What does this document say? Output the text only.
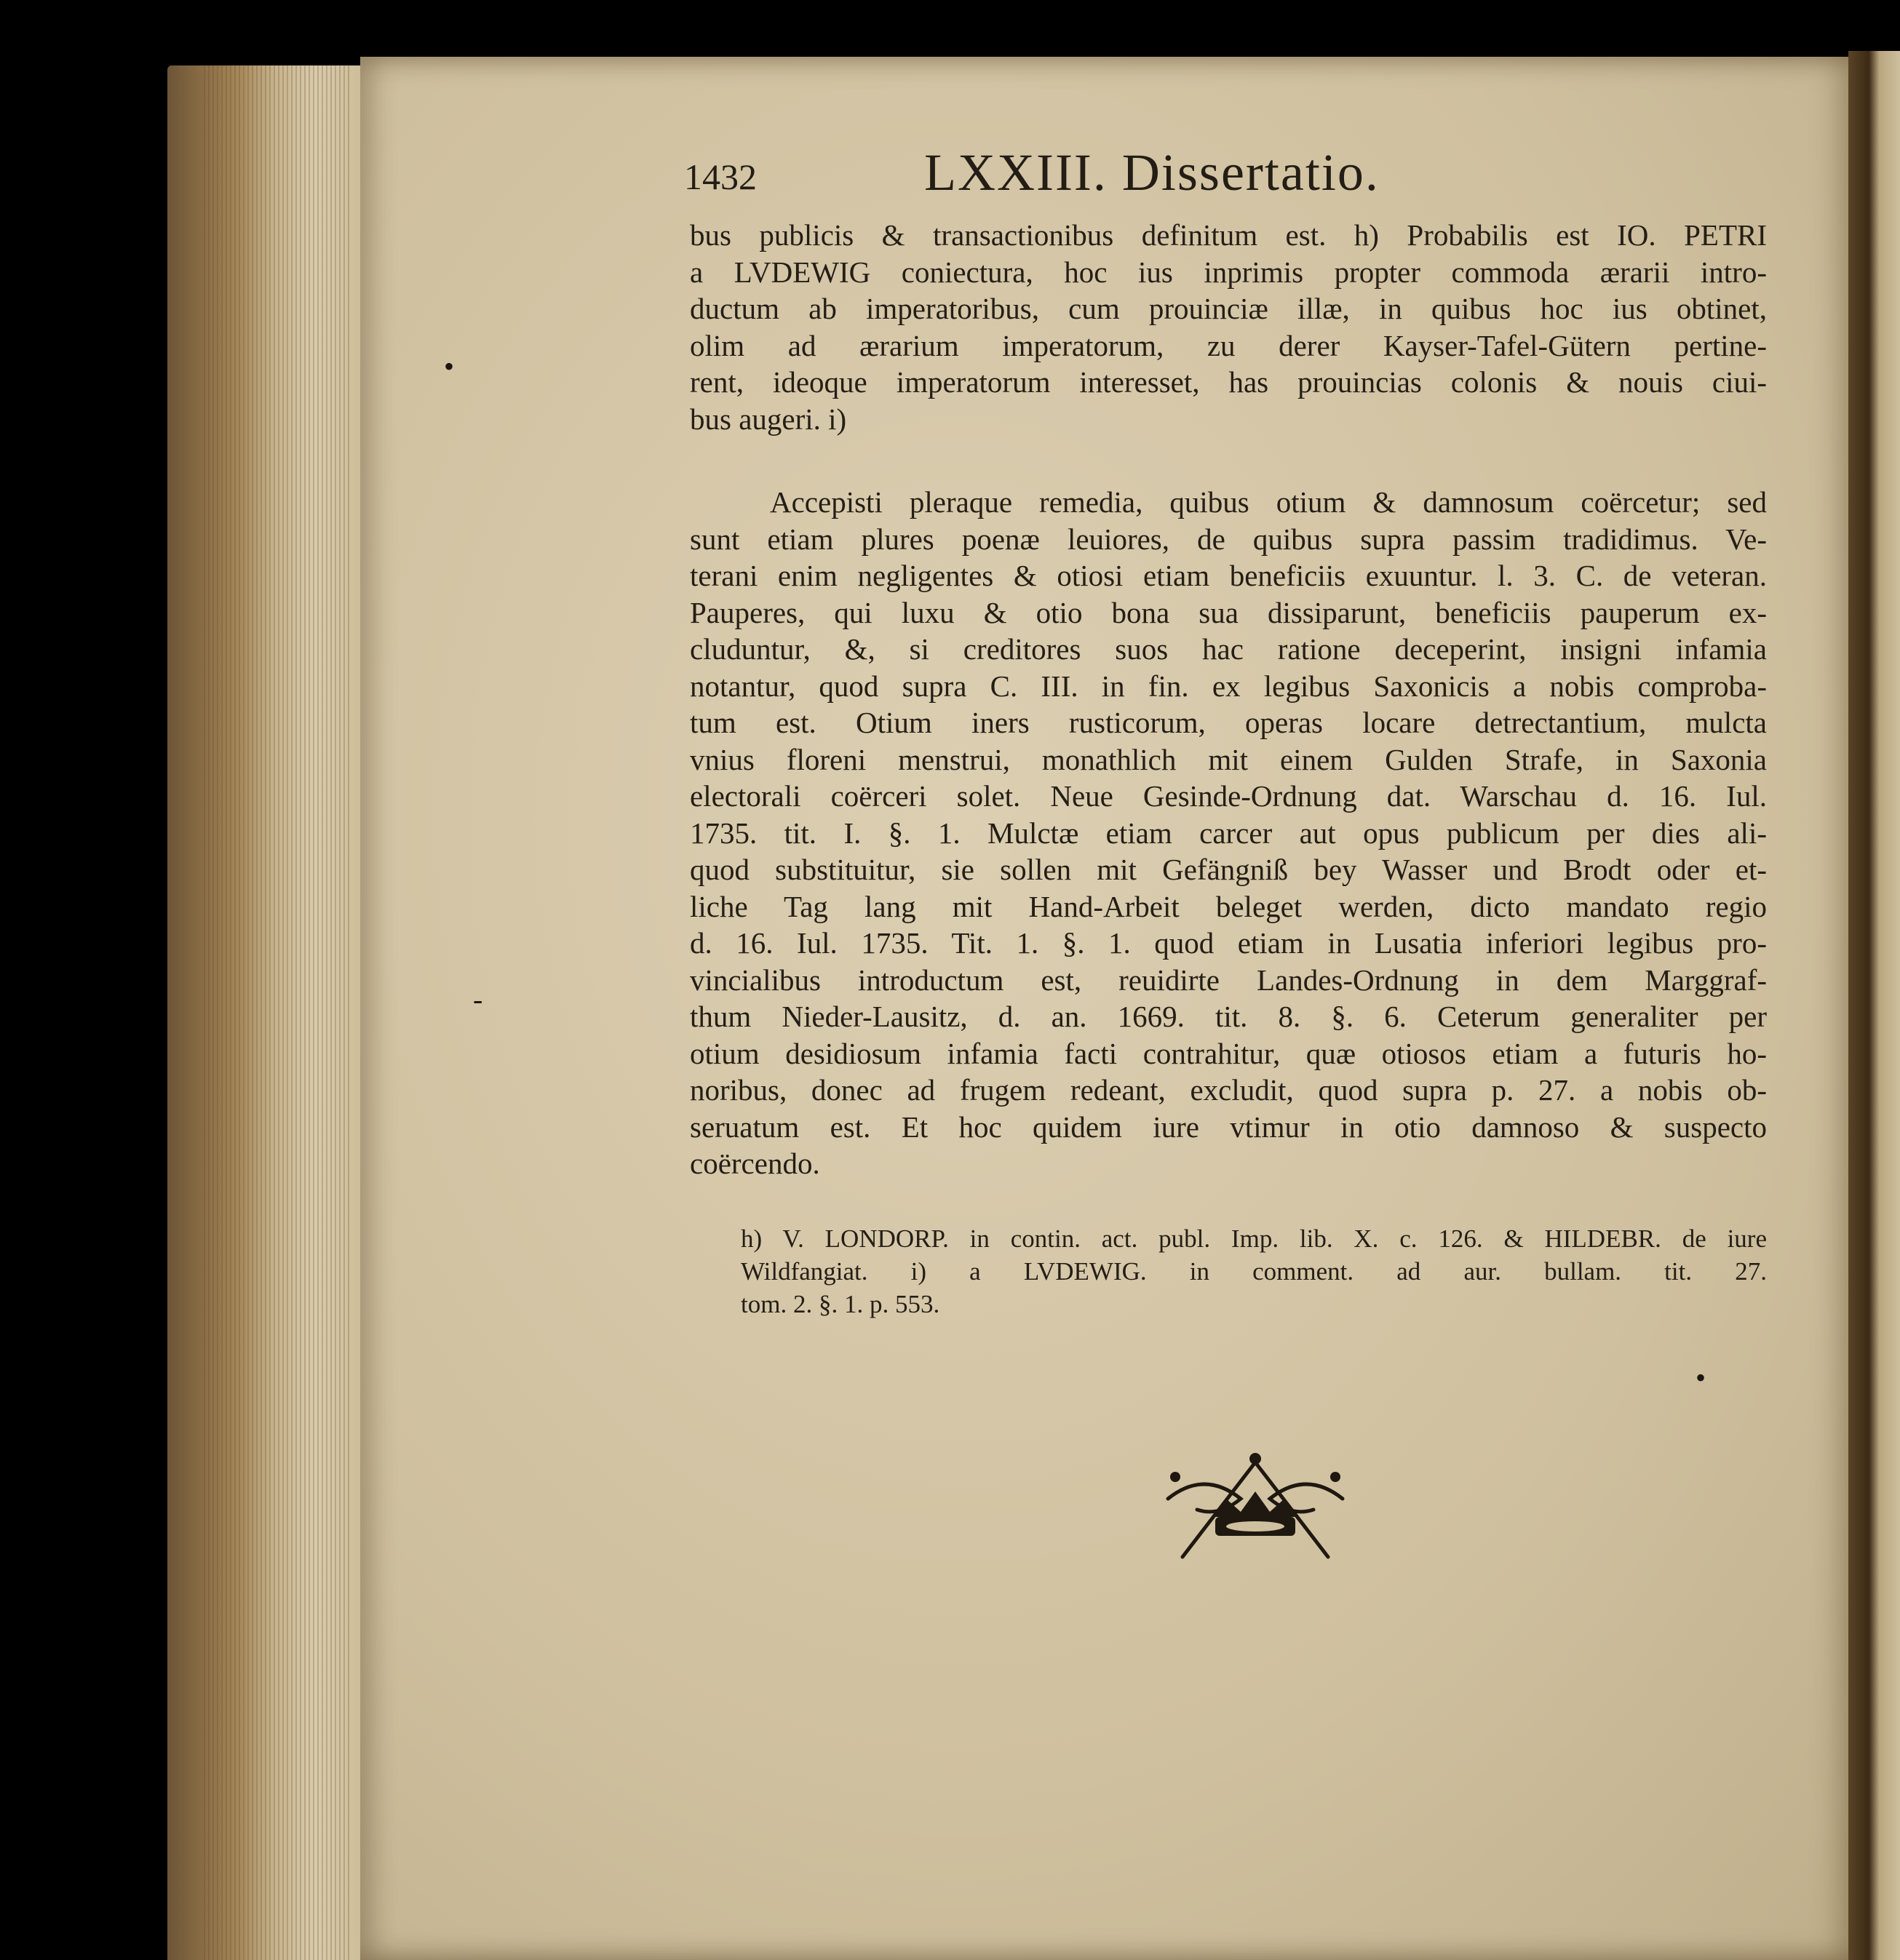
1432	LXXIII. Dissertatio.
bus publicis & transactionibus definitum est. h) Probabilis est IO. PETRI
a LVDEWIG coniectura, hoc ius inprimis propter commoda ærarii intro-
ductum ab imperatoribus, cum prouinciæ illæ, in quibus hoc ius obtinet,
olim ad ærarium imperatorum, zu derer Kayser-Tafel-Gütern pertine-
rent, ideoque imperatorum interesset, has prouincias colonis & nouis ciui-
bus augeri. i)
Accepisti pleraque remedia, quibus otium & damnosum coërcetur; sed
sunt etiam plures poenæ leuiores, de quibus supra passim tradidimus. Ve-
terani enim negligentes & otiosi etiam beneficiis exuuntur. l. 3. C. de veteran.
Pauperes, qui luxu & otio bona sua dissiparunt, beneficiis pauperum ex-
cluduntur, &, si creditores suos hac ratione deceperint, insigni infamia
notantur, quod supra C. III. in fin. ex legibus Saxonicis a nobis comproba-
tum est. Otium iners rusticorum, operas locare detrectantium, mulcta
vnius floreni menstrui, monathlich mit einem Gulden Strafe, in Saxonia
electorali coërceri solet. Neue Gesinde-Ordnung dat. Warschau d. 16. Iul.
1735. tit. I. §. 1. Mulctæ etiam carcer aut opus publicum per dies ali-
quod substituitur, sie sollen mit Gefängniß bey Wasser und Brodt oder et-
liche Tag lang mit Hand-Arbeit beleget werden, dicto mandato regio
d. 16. Iul. 1735. Tit. 1. §. 1. quod etiam in Lusatia inferiori legibus pro-
vincialibus introductum est, reuidirte Landes-Ordnung in dem Marggraf-
thum Nieder-Lausitz, d. an. 1669. tit. 8. §. 6. Ceterum generaliter per
otium desidiosum infamia facti contrahitur, quæ otiosos etiam a futuris ho-
noribus, donec ad frugem redeant, excludit, quod supra p. 27. a nobis ob-
seruatum est. Et hoc quidem iure vtimur in otio damnoso & suspecto
coërcendo.
h) V. LONDORP. in contin. act. publ. Imp. lib. X. c. 126. & HILDEBR. de iure
Wildfangiat. i) a LVDEWIG. in comment. ad aur. bullam. tit. 27.
tom. 2. §. 1. p. 553.
•
-
•
